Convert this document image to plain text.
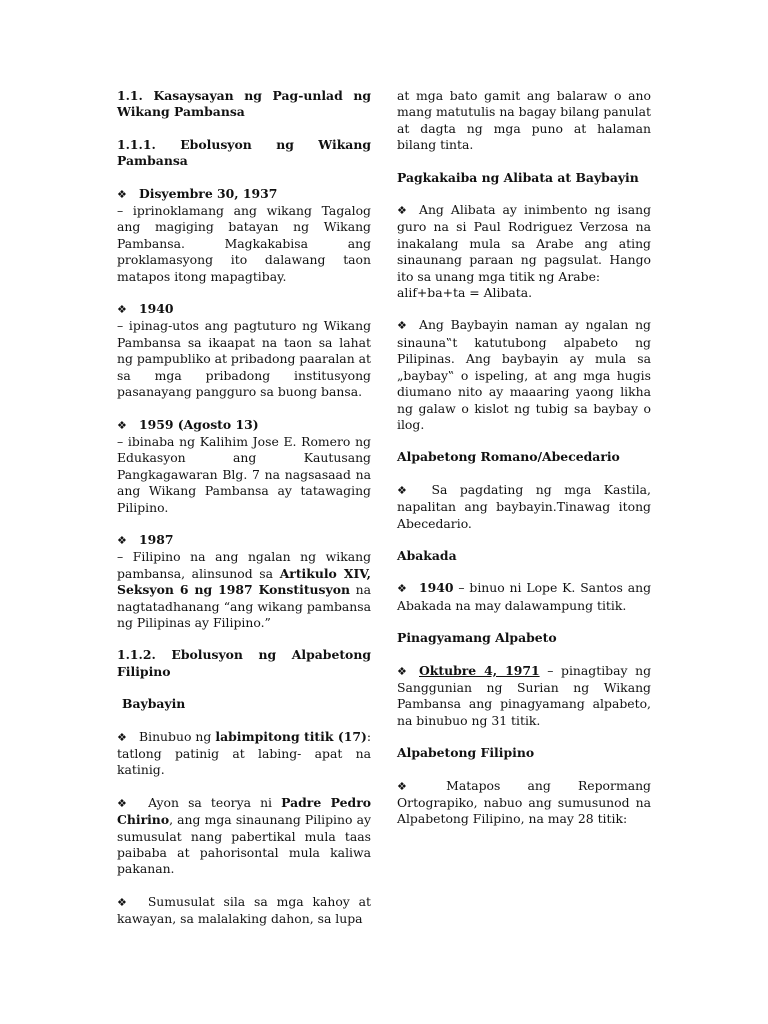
1.1. Kasaysayan ng Pag-unlad ng Wikang Pambansa

1.1.1. Ebolusyon ng Wikang Pambansa

❖ Disyembre 30, 1937

– iprinoklamang ang wikang Tagalog ang magiging batayan ng Wikang Pambansa. Magkakabisa ang proklamasyong ito dalawang taon matapos itong mapagtibay.

❖ 1940

– ipinag-utos ang pagtuturo ng Wikang Pambansa sa ikaapat na taon sa lahat ng pampubliko at pribadong paaralan at sa mga pribadong institusyong pasanayang pangguro sa buong bansa.

❖ 1959 (Agosto 13)

– ibinaba ng Kalihim Jose E. Romero ng Edukasyon ang Kautusang Pangkagawaran Blg. 7 na nagsasaad na ang Wikang Pambansa ay tatawaging Pilipino.

❖ 1987

– Filipino na ang ngalan ng wikang pambansa, alinsunod sa Artikulo XIV, Seksyon 6 ng 1987 Konstitusyon na nagtatadhanang “ang wikang pambansa ng Pilipinas ay Filipino.”

1.1.2. Ebolusyon ng Alpabetong Filipino

Baybayin

❖ Binubuo ng labimpitong titik (17): tatlong patinig at labing- apat na katinig.

❖ Ayon sa teorya ni Padre Pedro Chirino, ang mga sinaunang Pilipino ay sumusulat nang pabertikal mula taas paibaba at pahorisontal mula kaliwa pakanan.

❖ Sumusulat sila sa mga kahoy at kawayan, sa malalaking dahon, sa lupa

at mga bato gamit ang balaraw o ano mang matutulis na bagay bilang panulat at dagta ng mga puno at halaman bilang tinta.

Pagkakaiba ng Alibata at Baybayin

❖ Ang Alibata ay inimbento ng isang guro na si Paul Rodriguez Verzosa na inakalang mula sa Arabe ang ating sinaunang paraan ng pagsulat. Hango ito sa unang mga titik ng Arabe:

alif+ba+ta = Alibata.

❖ Ang Baybayin naman ay ngalan ng sinauna‟t katutubong alpabeto ng Pilipinas. Ang baybayin ay mula sa „baybay‟ o ispeling, at ang mga hugis diumano nito ay maaaring yaong likha ng galaw o kislot ng tubig sa baybay o ilog.

Alpabetong Romano/Abecedario

❖ Sa pagdating ng mga Kastila, napalitan ang baybayin.Tinawag itong Abecedario.

Abakada

❖ 1940 – binuo ni Lope K. Santos ang Abakada na may dalawampung titik.

Pinagyamang Alpabeto

❖ Oktubre 4, 1971 – pinagtibay ng Sanggunian ng Surian ng Wikang Pambansa ang pinagyamang alpabeto, na binubuo ng 31 titik.

Alpabetong Filipino

❖ Matapos ang Repormang Ortograpiko, nabuo ang sumusunod na Alpabetong Filipino, na may 28 titik:
